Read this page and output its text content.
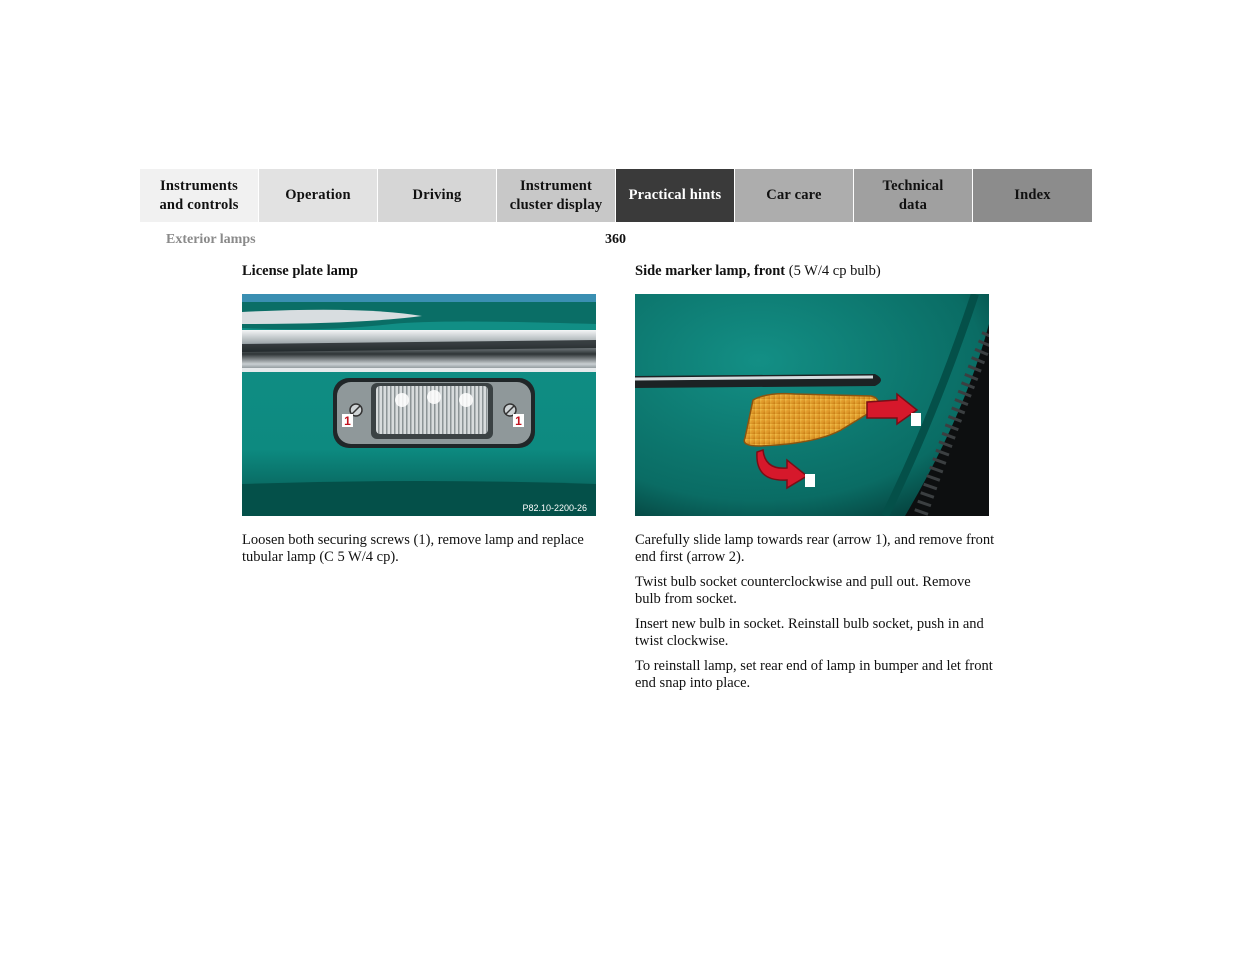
Instruments
and controls
Operation	Driving
Instrument
cluster display
Practical hints	Car care
Technical
data
Index
Exterior lamps	360
License plate lamp	Side marker lamp, front (5 W/4 cp bulb)
1	1
P82.10-2200-26
Loosen both securing screws (1), remove lamp and replace tubular lamp (C 5 W/4 cp).
Carefully slide lamp towards rear (arrow 1), and remove front end first (arrow 2).
Twist bulb socket counterclockwise and pull out. Remove bulb from socket.
Insert new bulb in socket. Reinstall bulb socket, push in and twist clockwise.
To reinstall lamp, set rear end of lamp in bumper and let front end snap into place.
